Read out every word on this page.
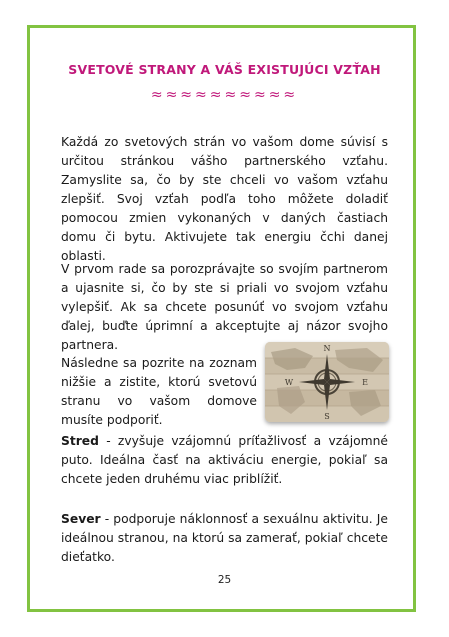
SVETOVÉ STRANY A VÁŠ EXISTUJÚCI VZŤAH
≈≈≈≈≈≈≈≈≈≈

Každá zo svetových strán vo vašom dome súvisí s určitou stránkou vášho partnerského vzťahu. Zamyslite sa, čo by ste chceli vo vašom vzťahu zlepšiť. Svoj vzťah podľa toho môžete doladiť pomocou zmien vykonaných v daných častiach domu či bytu. Aktivujete tak energiu čchi danej oblasti.

V prvom rade sa porozprávajte so svojím partnerom a ujasnite si, čo by ste si priali vo svojom vzťahu vylepšiť. Ak sa chcete posunúť vo svojom vzťahu ďalej, buďte úprimní a akceptujte aj názor svojho partnera.

Následne sa pozrite na zoznam nižšie a zistite, ktorú svetovú stranu vo vašom domove musíte podporiť.

N
S
W	E

Stred - zvyšuje vzájomnú príťažlivosť a vzájomné puto. Ideálna časť na aktiváciu energie, pokiaľ sa chcete jeden druhému viac priblížiť.

Sever - podporuje náklonnosť a sexuálnu aktivitu. Je ideálnou stranou, na ktorú sa zamerať, pokiaľ chcete dieťatko.

25
